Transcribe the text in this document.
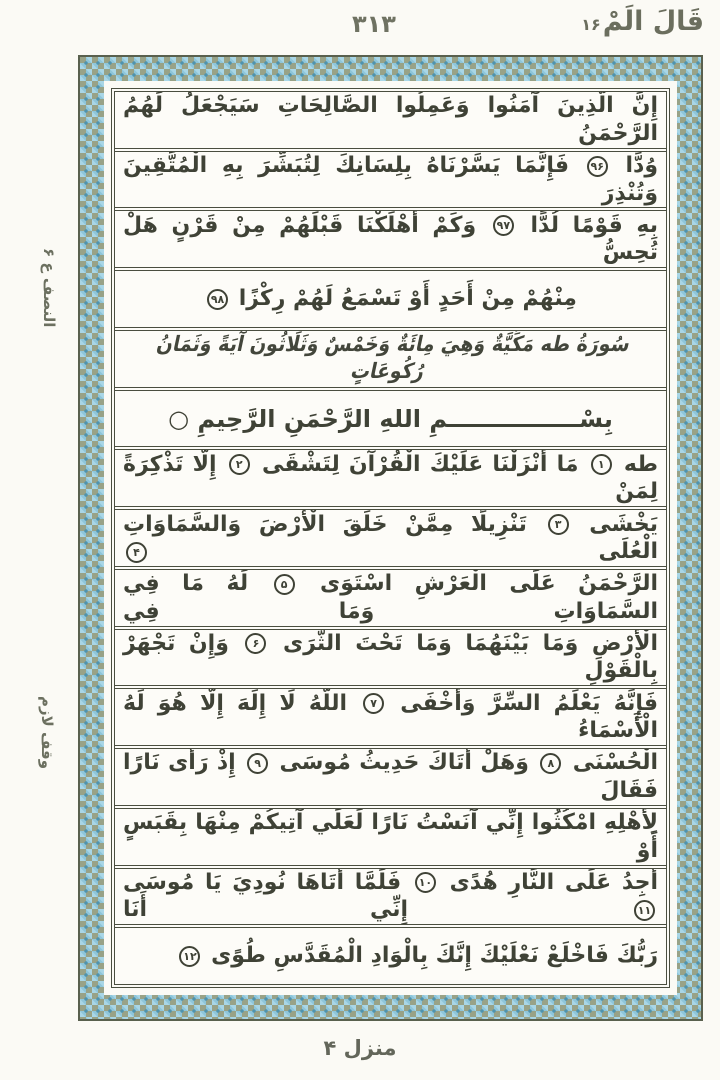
۳۱۳	قَالَ الَمْ۱۶
إِنَّ الَّذِينَ آمَنُوا وَعَمِلُوا الصَّالِحَاتِ سَيَجْعَلُ لَهُمُ الرَّحْمَنُ
وُدًّا ۹۶ فَإِنَّمَا يَسَّرْنَاهُ بِلِسَانِكَ لِتُبَشِّرَ بِهِ الْمُتَّقِينَ وَتُنْذِرَ
بِهِ قَوْمًا لُدًّا ۹۷ وَكَمْ أَهْلَكْنَا قَبْلَهُمْ مِنْ قَرْنٍ هَلْ تُحِسُّ
مِنْهُمْ مِنْ أَحَدٍ أَوْ تَسْمَعُ لَهُمْ رِكْزًا ۹۸
سُورَةُ طه مَكِّيَّةٌ وَهِيَ مِائَةٌ وَخَمْسٌ وَثَلَاثُونَ آيَةً وَثَمَانُ رُكُوعَاتٍ
بِسْــــــــــــــــمِ اللهِ الرَّحْمَنِ الرَّحِيمِ ○
طه ۱ مَا أَنْزَلْنَا عَلَيْكَ الْقُرْآنَ لِتَشْقَى ۲ إِلَّا تَذْكِرَةً لِمَنْ
يَخْشَى ۳ تَنْزِيلًا مِمَّنْ خَلَقَ الْأَرْضَ وَالسَّمَاوَاتِ الْعُلَى ۴
الرَّحْمَنُ عَلَى الْعَرْشِ اسْتَوَى ۵ لَهُ مَا فِي السَّمَاوَاتِ وَمَا فِي
الْأَرْضِ وَمَا بَيْنَهُمَا وَمَا تَحْتَ الثَّرَى ۶ وَإِنْ تَجْهَرْ بِالْقَوْلِ
فَإِنَّهُ يَعْلَمُ السِّرَّ وَأَخْفَى ۷ اللَّهُ لَا إِلَهَ إِلَّا هُوَ لَهُ الْأَسْمَاءُ
الْحُسْنَى ۸ وَهَلْ أَتَاكَ حَدِيثُ مُوسَى ۹ إِذْ رَأَى نَارًا فَقَالَ
لِأَهْلِهِ امْكُثُوا إِنِّي آنَسْتُ نَارًا لَعَلِّي آتِيكُمْ مِنْهَا بِقَبَسٍ أَوْ
أَجِدُ عَلَى النَّارِ هُدًى ۱۰ فَلَمَّا أَتَاهَا نُودِيَ يَا مُوسَى ۱۱ إِنِّي أَنَا
رَبُّكَ فَاخْلَعْ نَعْلَيْكَ إِنَّكَ بِالْوَادِ الْمُقَدَّسِ طُوًى ۱۲
النصف ع ۶
وقف لازم
منزل ۴
